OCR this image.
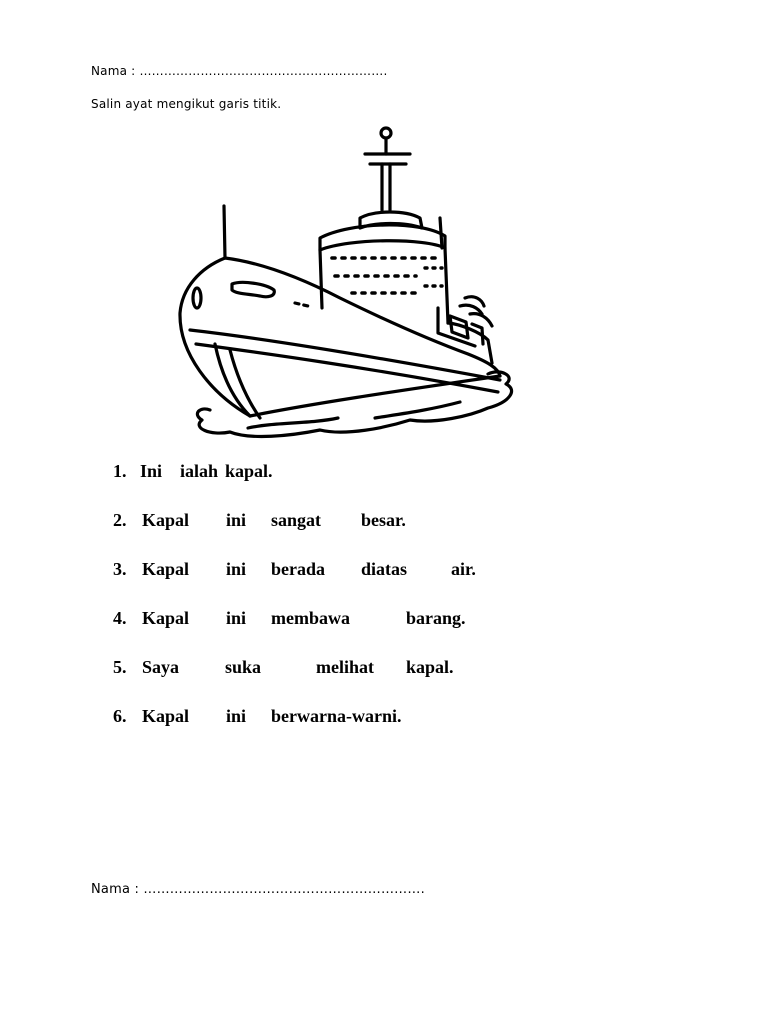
Nama : …………………………………………………….
Salin ayat mengikut garis titik.
1. Ini ialah kapal.
2. Kapal ini sangat besar.
3. Kapal ini berada diatas air.
4. Kapal ini membawa	barang.
5. Saya	suka	melihat kapal.
6. Kapal ini berwarna-warni.
Nama : ……………………………………………………….
